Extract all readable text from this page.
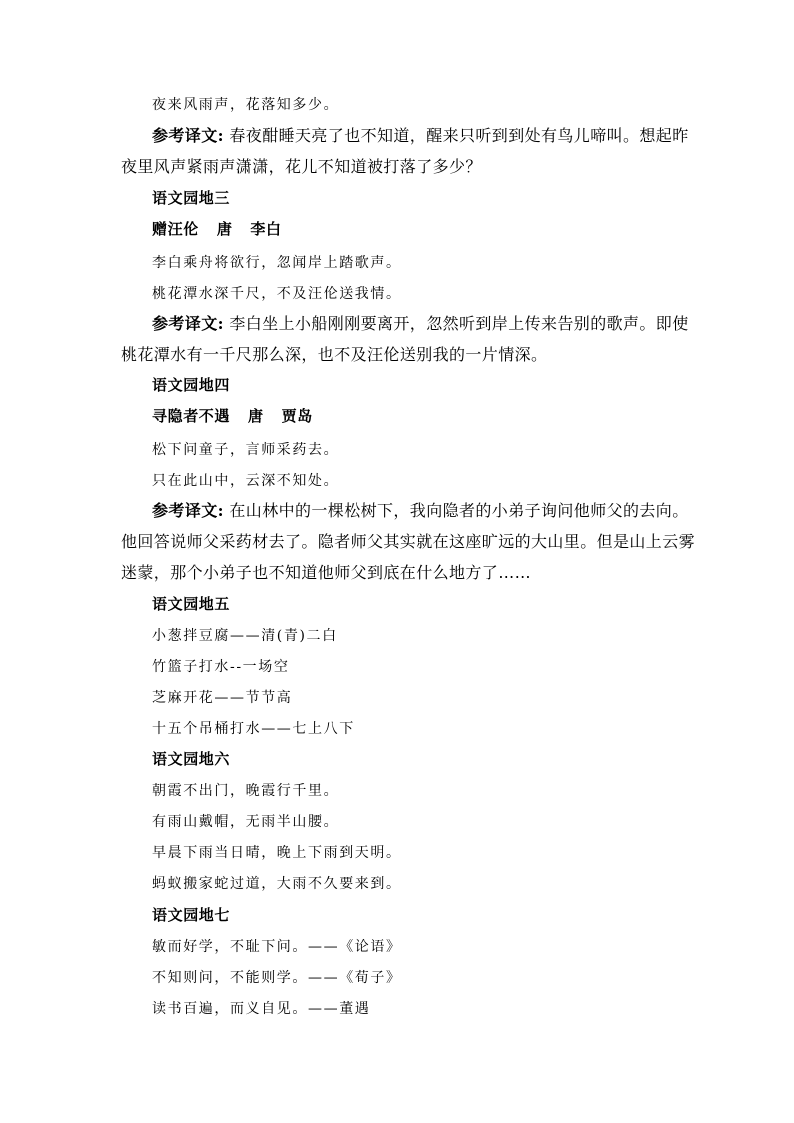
夜来风雨声，花落知多少。
参考译文: 春夜酣睡天亮了也不知道，醒来只听到到处有鸟儿啼叫。想起昨
夜里风声紧雨声潇潇，花儿不知道被打落了多少？
语文园地三
赠汪伦 唐 李白
李白乘舟将欲行，忽闻岸上踏歌声。
桃花潭水深千尺，不及汪伦送我情。
参考译文: 李白坐上小船刚刚要离开，忽然听到岸上传来告别的歌声。即使
桃花潭水有一千尺那么深，也不及汪伦送别我的一片情深。
语文园地四
寻隐者不遇 唐 贾岛
松下问童子，言师采药去。
只在此山中，云深不知处。
参考译文: 在山林中的一棵松树下，我向隐者的小弟子询问他师父的去向。
他回答说师父采药材去了。隐者师父其实就在这座旷远的大山里。但是山上云雾
迷蒙，那个小弟子也不知道他师父到底在什么地方了……
语文园地五
小葱拌豆腐——清(青)二白
竹篮子打水--一场空
芝麻开花——节节高
十五个吊桶打水——七上八下
语文园地六
朝霞不出门，晚霞行千里。
有雨山戴帽，无雨半山腰。
早晨下雨当日晴，晚上下雨到天明。
蚂蚁搬家蛇过道，大雨不久要来到。
语文园地七
敏而好学，不耻下问。——《论语》
不知则问，不能则学。——《荀子》
读书百遍，而义自见。——董遇
